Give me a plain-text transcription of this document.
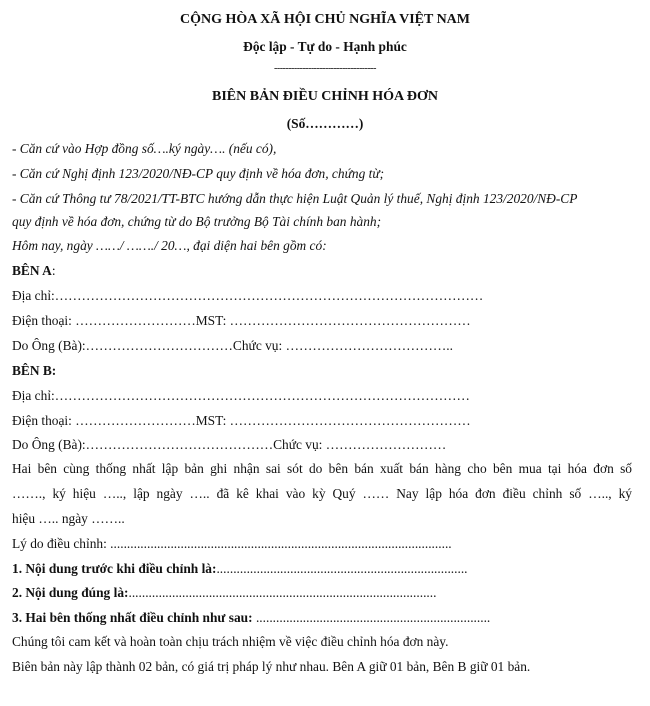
CỘNG HÒA XÃ HỘI CHỦ NGHĨA VIỆT NAM
Độc lập - Tự do - Hạnh phúc
------------------------------------
BIÊN BẢN ĐIỀU CHỈNH HÓA ĐƠN
(Số…………)
- Căn cứ vào Hợp đồng số….ký ngày…. (nếu có),
- Căn cứ Nghị định 123/2020/NĐ-CP quy định về hóa đơn, chứng từ;
- Căn cứ Thông tư 78/2021/TT-BTC hướng dẫn thực hiện Luật Quản lý thuế, Nghị định 123/2020/NĐ-CP
quy định về hóa đơn, chứng từ do Bộ trưởng Bộ Tài chính ban hành;
Hôm nay, ngày ……/ ……./ 20…, đại diện hai bên gồm có:
BÊN A:
Địa chỉ:……………………………………………………………………………………
Điện thoại: ………………………MST: ………………………………………………
Do Ông (Bà):……………………………Chức vụ: ………………………………..
BÊN B:
Địa chỉ:…………………………………………………………………………………
Điện thoại: ………………………MST: ………………………………………………
Do Ông (Bà):……………………………………Chức vụ: ………………………
Hai bên cùng thống nhất lập bản ghi nhận sai sót do bên bán xuất bán hàng cho bên mua tại hóa đơn số
……., ký hiệu ….., lập ngày ….. đã kê khai vào kỳ Quý …… Nay lập hóa đơn điều chỉnh số ….., ký
hiệu ….. ngày ……..
Lý do điều chỉnh: ......................................................................................................
1. Nội dung trước khi điều chỉnh là:...........................................................................
2. Nội dung đúng là:............................................................................................
3. Hai bên thống nhất điều chỉnh như sau: ......................................................................
Chúng tôi cam kết và hoàn toàn chịu trách nhiệm về việc điều chỉnh hóa đơn này.
Biên bản này lập thành 02 bản, có giá trị pháp lý như nhau. Bên A giữ 01 bản, Bên B giữ 01 bản.
